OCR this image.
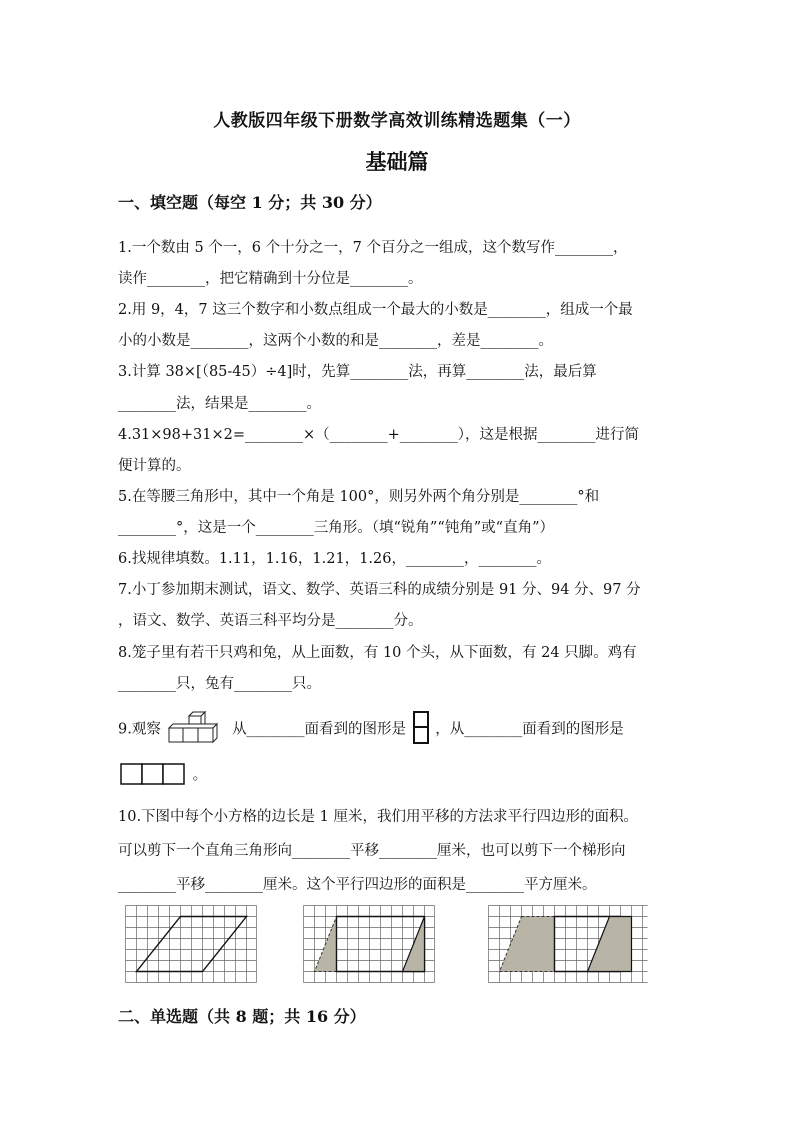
人教版四年级下册数学高效训练精选题集（一）
基础篇
一、填空题（每空 1 分；共 30 分）
1.一个数由 5 个一，6 个十分之一，7 个百分之一组成，这个数写作________，
读作________，把它精确到十分位是________。
2.用 9，4，7 这三个数字和小数点组成一个最大的小数是________，组成一个最
小的小数是________，这两个小数的和是________，差是________。
3.计算 38×[（85-45）÷4]时，先算________法，再算________法，最后算
________法，结果是________。
4.31×98+31×2=________×（________+________），这是根据________进行简
便计算的。
5.在等腰三角形中，其中一个角是 100°，则另外两个角分别是________°和
________°，这是一个________三角形。（填“锐角”“钝角”或“直角”）
6.找规律填数。1.11，1.16，1.21，1.26，________，________。
7.小丁参加期末测试，语文、数学、英语三科的成绩分别是 91 分、94 分、97 分
，语文、数学、英语三科平均分是________分。
8.笼子里有若干只鸡和兔，从上面数，有 10 个头，从下面数，有 24 只脚。鸡有
________只，兔有________只。
9.观察	从________面看到的图形是 ，从________面看到的图形是
。
10.下图中每个小方格的边长是 1 厘米，我们用平移的方法求平行四边形的面积。
可以剪下一个直角三角形向________平移________厘米，也可以剪下一个梯形向
________平移________厘米。这个平行四边形的面积是________平方厘米。
二、单选题（共 8 题；共 16 分）
